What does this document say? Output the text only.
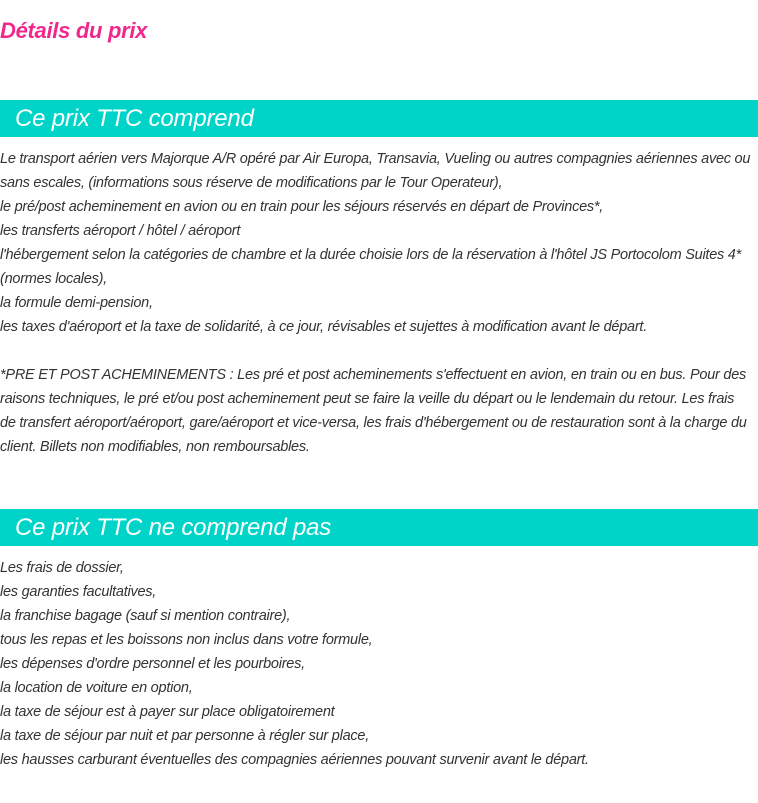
Détails du prix
Ce prix TTC comprend

Le transport aérien vers Majorque A/R opéré par Air Europa, Transavia, Vueling ou autres compagnies aériennes avec ou sans escales, (informations sous réserve de modifications par le Tour Operateur),

le pré/post acheminement en avion ou en train pour les séjours réservés en départ de Provinces*,

les transferts aéroport / hôtel / aéroport

l'hébergement selon la catégories de chambre et la durée choisie lors de la réservation à l'hôtel JS Portocolom Suites 4* (normes locales),

la formule demi-pension,

les taxes d'aéroport et la taxe de solidarité, à ce jour, révisables et sujettes à modification avant le départ.

*PRE ET POST ACHEMINEMENTS : Les pré et post acheminements s'effectuent en avion, en train ou en bus. Pour des raisons techniques, le pré et/ou post acheminement peut se faire la veille du départ ou le lendemain du retour. Les frais de transfert aéroport/aéroport, gare/aéroport et vice-versa, les frais d'hébergement ou de restauration sont à la charge du client. Billets non modifiables, non remboursables.

Ce prix TTC ne comprend pas

Les frais de dossier,

les garanties facultatives,

la franchise bagage (sauf si mention contraire),

tous les repas et les boissons non inclus dans votre formule,

les dépenses d'ordre personnel et les pourboires,

la location de voiture en option,

la taxe de séjour est à payer sur place obligatoirement

la taxe de séjour par nuit et par personne à régler sur place,

les hausses carburant éventuelles des compagnies aériennes pouvant survenir avant le départ.
